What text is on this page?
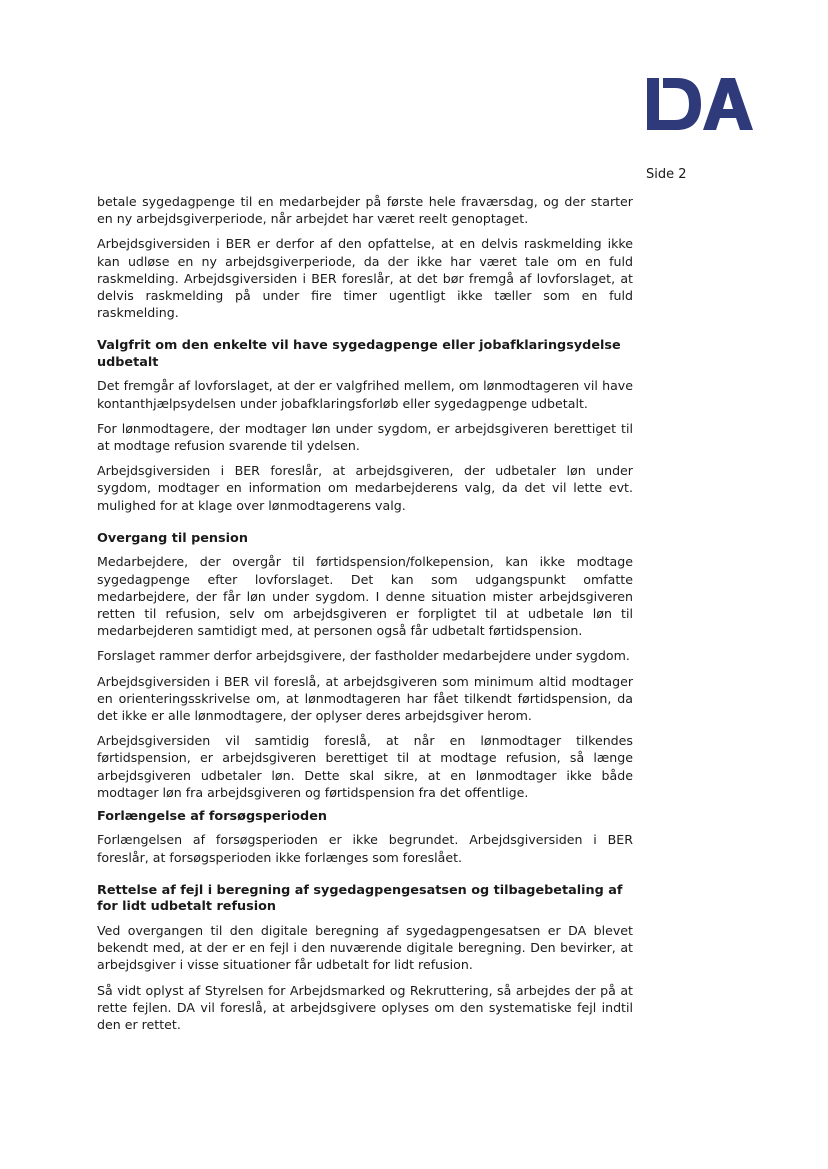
Side 2

betale sygedagpenge til en medarbejder på første hele fraværsdag, og der starter en ny arbejdsgiverperiode, når arbejdet har været reelt genoptaget.

Arbejdsgiversiden i BER er derfor af den opfattelse, at en delvis raskmelding ikke kan udløse en ny arbejdsgiverperiode, da der ikke har været tale om en fuld raskmelding. Arbejdsgiversiden i BER foreslår, at det bør fremgå af lovforslaget, at delvis raskmelding på under fire timer ugentligt ikke tæller som en fuld raskmelding.

Valgfrit om den enkelte vil have sygedagpenge eller jobafklaringsydelse udbetalt

Det fremgår af lovforslaget, at der er valgfrihed mellem, om lønmodtageren vil have kontanthjælpsydelsen under jobafklaringsforløb eller sygedagpenge udbetalt.

For lønmodtagere, der modtager løn under sygdom, er arbejdsgiveren berettiget til at modtage refusion svarende til ydelsen.

Arbejdsgiversiden i BER foreslår, at arbejdsgiveren, der udbetaler løn under sygdom, modtager en information om medarbejderens valg, da det vil lette evt. mulighed for at klage over lønmodtagerens valg.

Overgang til pension

Medarbejdere, der overgår til førtidspension/folkepension, kan ikke modtage sygedagpenge efter lovforslaget. Det kan som udgangspunkt omfatte medarbejdere, der får løn under sygdom. I denne situation mister arbejdsgiveren retten til refusion, selv om arbejdsgiveren er forpligtet til at udbetale løn til medarbejderen samtidigt med, at personen også får udbetalt førtidspension.

Forslaget rammer derfor arbejdsgivere, der fastholder medarbejdere under sygdom.

Arbejdsgiversiden i BER vil foreslå, at arbejdsgiveren som minimum altid modtager en orienteringsskrivelse om, at lønmodtageren har fået tilkendt førtidspension, da det ikke er alle lønmodtagere, der oplyser deres arbejdsgiver herom.

Arbejdsgiversiden vil samtidig foreslå, at når en lønmodtager tilkendes førtidspension, er arbejdsgiveren berettiget til at modtage refusion, så længe arbejdsgiveren udbetaler løn. Dette skal sikre, at en lønmodtager ikke både modtager løn fra arbejdsgiveren og førtidspension fra det offentlige.

Forlængelse af forsøgsperioden

Forlængelsen af forsøgsperioden er ikke begrundet. Arbejdsgiversiden i BER foreslår, at forsøgsperioden ikke forlænges som foreslået.

Rettelse af fejl i beregning af sygedagpengesatsen og tilbagebetaling af for lidt udbetalt refusion

Ved overgangen til den digitale beregning af sygedagpengesatsen er DA blevet bekendt med, at der er en fejl i den nuværende digitale beregning. Den bevirker, at arbejdsgiver i visse situationer får udbetalt for lidt refusion.

Så vidt oplyst af Styrelsen for Arbejdsmarked og Rekruttering, så arbejdes der på at rette fejlen. DA vil foreslå, at arbejdsgivere oplyses om den systematiske fejl indtil den er rettet.
